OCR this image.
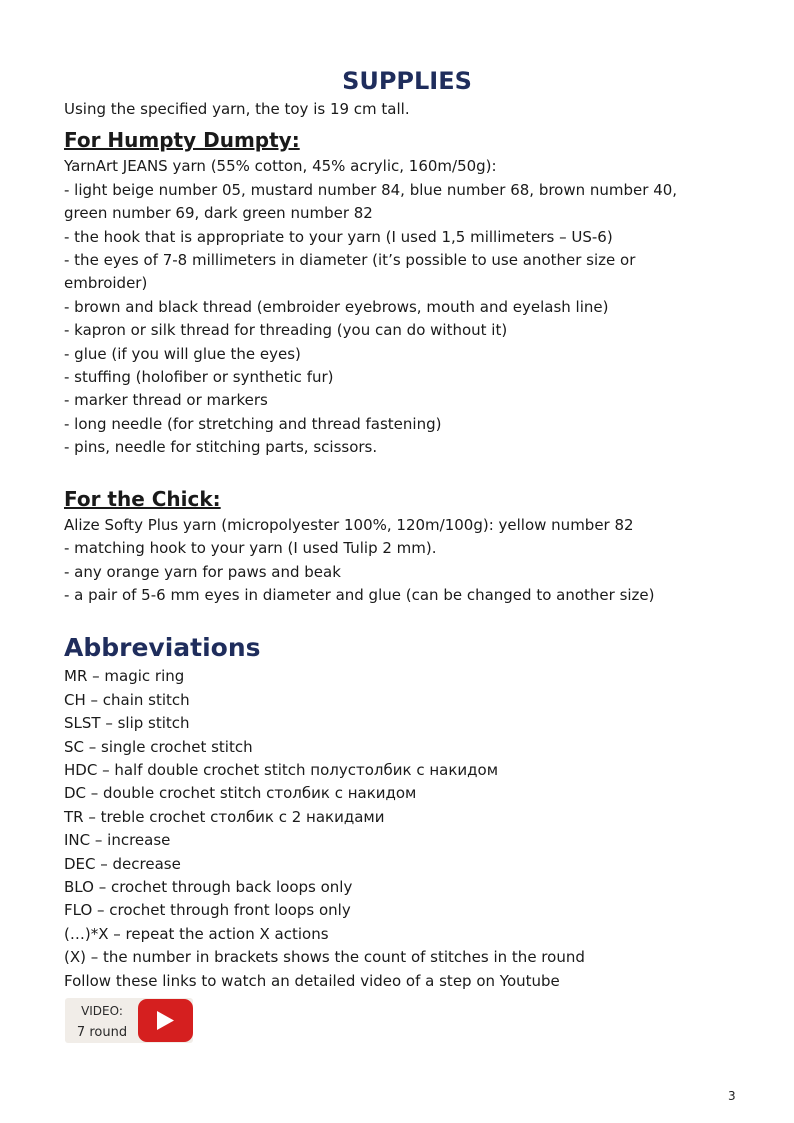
SUPPLIES

Using the specified yarn, the toy is 19 cm tall.

For Humpty Dumpty:

YarnArt JEANS yarn (55% cotton, 45% acrylic, 160m/50g):

- light beige number 05, mustard number 84, blue number 68, brown number 40,

green number 69, dark green number 82

- the hook that is appropriate to your yarn (I used 1,5 millimeters – US-6)

- the eyes of 7-8 millimeters in diameter (it’s possible to use another size or

embroider)

- brown and black thread (embroider eyebrows, mouth and eyelash line)

- kapron or silk thread for threading (you can do without it)

- glue (if you will glue the eyes)

- stuffing (holofiber or synthetic fur)

- marker thread or markers

- long needle (for stretching and thread fastening)

- pins, needle for stitching parts, scissors.

For the Chick:

Alize Softy Plus yarn (micropolyester 100%, 120m/100g): yellow number 82

- matching hook to your yarn (I used Tulip 2 mm).

- any orange yarn for paws and beak

- a pair of 5-6 mm eyes in diameter and glue (can be changed to another size)

Abbreviations

MR – magic ring

CH – chain stitch

SLST – slip stitch

SC – single crochet stitch

HDC – half double crochet stitch полустолбик с накидом

DC – double crochet stitch столбик с накидом

TR – treble crochet столбик с 2 накидами

INC – increase

DEC – decrease

BLO – crochet through back loops only

FLO – crochet through front loops only

(…)*X – repeat the action X actions

(X) – the number in brackets shows the count of stitches in the round

Follow these links to watch an detailed video of a step on Youtube

VIDEO:
7 round
3
